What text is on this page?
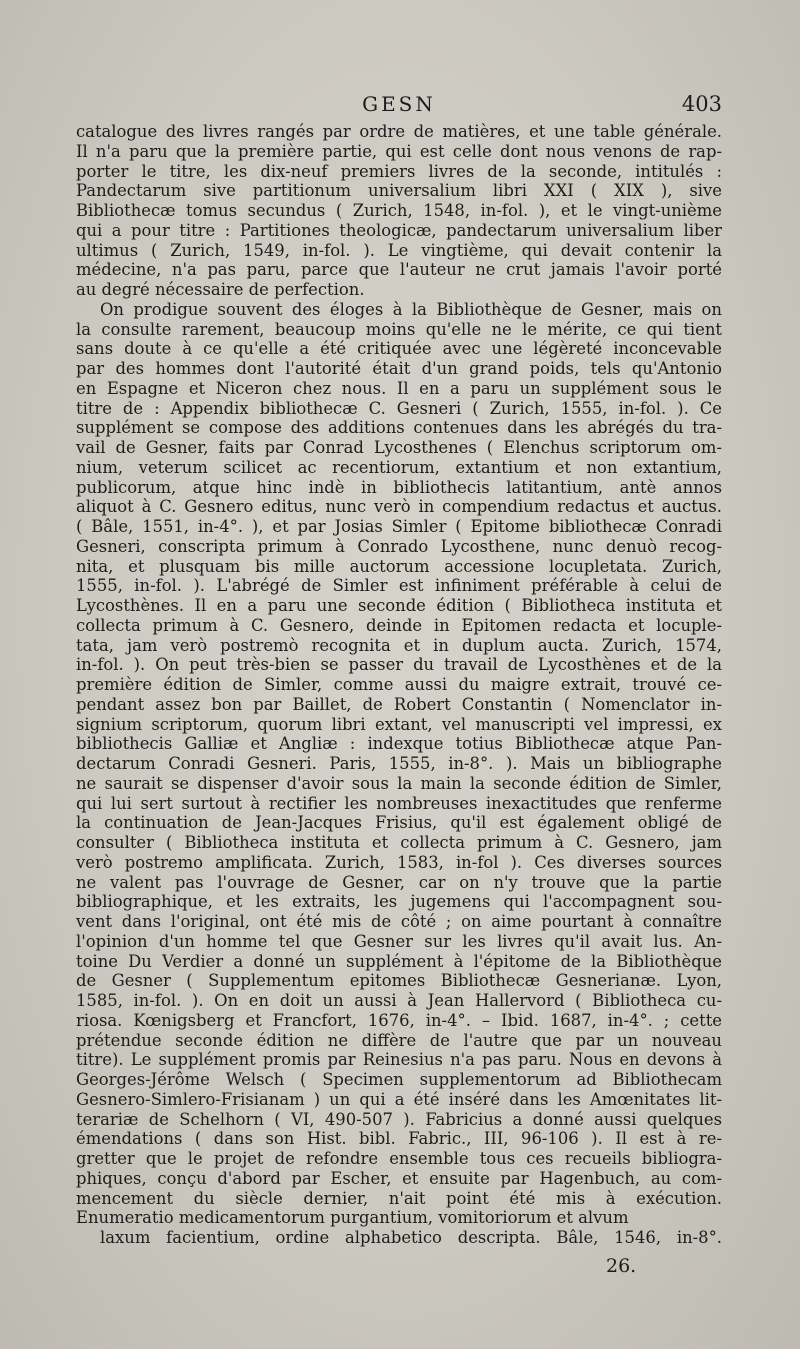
GESN	403
catalogue des livres rangés par ordre de matières, et une table générale.
Il n'a paru que la première partie, qui est celle dont nous venons de rap-
porter le titre, les dix-neuf premiers livres de la seconde, intitulés :
Pandectarum sive partitionum universalium libri XXI ( XIX ), sive
Bibliothecæ tomus secundus ( Zurich, 1548, in-fol. ), et le vingt-unième
qui a pour titre : Partitiones theologicæ, pandectarum universalium liber
ultimus ( Zurich, 1549, in-fol. ). Le vingtième, qui devait contenir la
médecine, n'a pas paru, parce que l'auteur ne crut jamais l'avoir porté
au degré nécessaire de perfection.
On prodigue souvent des éloges à la Bibliothèque de Gesner, mais on
la consulte rarement, beaucoup moins qu'elle ne le mérite, ce qui tient
sans doute à ce qu'elle a été critiquée avec une légèreté inconcevable
par des hommes dont l'autorité était d'un grand poids, tels qu'Antonio
en Espagne et Niceron chez nous. Il en a paru un supplément sous le
titre de : Appendix bibliothecæ C. Gesneri ( Zurich, 1555, in-fol. ). Ce
supplément se compose des additions contenues dans les abrégés du tra-
vail de Gesner, faits par Conrad Lycosthenes ( Elenchus scriptorum om-
nium, veterum scilicet ac recentiorum, extantium et non extantium,
publicorum, atque hinc indè in bibliothecis latitantium, antè annos
aliquot à C. Gesnero editus, nunc verò in compendium redactus et auctus.
( Bâle, 1551, in-4°. ), et par Josias Simler ( Epitome bibliothecæ Conradi
Gesneri, conscripta primum à Conrado Lycosthene, nunc denuò recog-
nita, et plusquam bis mille auctorum accessione locupletata. Zurich,
1555, in-fol. ). L'abrégé de Simler est infiniment préférable à celui de
Lycosthènes. Il en a paru une seconde édition ( Bibliotheca instituta et
collecta primum à C. Gesnero, deinde in Epitomen redacta et locuple-
tata, jam verò postremò recognita et in duplum aucta. Zurich, 1574,
in-fol. ). On peut très-bien se passer du travail de Lycosthènes et de la
première édition de Simler, comme aussi du maigre extrait, trouvé ce-
pendant assez bon par Baillet, de Robert Constantin ( Nomenclator in-
signium scriptorum, quorum libri extant, vel manuscripti vel impressi, ex
bibliothecis Galliæ et Angliæ : indexque totius Bibliothecæ atque Pan-
dectarum Conradi Gesneri. Paris, 1555, in-8°. ). Mais un bibliographe
ne saurait se dispenser d'avoir sous la main la seconde édition de Simler,
qui lui sert surtout à rectifier les nombreuses inexactitudes que renferme
la continuation de Jean-Jacques Frisius, qu'il est également obligé de
consulter ( Bibliotheca instituta et collecta primum à C. Gesnero, jam
verò postremo amplificata. Zurich, 1583, in-fol ). Ces diverses sources
ne valent pas l'ouvrage de Gesner, car on n'y trouve que la partie
bibliographique, et les extraits, les jugemens qui l'accompagnent sou-
vent dans l'original, ont été mis de côté ; on aime pourtant à connaître
l'opinion d'un homme tel que Gesner sur les livres qu'il avait lus. An-
toine Du Verdier a donné un supplément à l'épitome de la Bibliothèque
de Gesner ( Supplementum epitomes Bibliothecæ Gesnerianæ. Lyon,
1585, in-fol. ). On en doit un aussi à Jean Hallervord ( Bibliotheca cu-
riosa. Kœnigsberg et Francfort, 1676, in-4°. – Ibid. 1687, in-4°. ; cette
prétendue seconde édition ne diffère de l'autre que par un nouveau
titre). Le supplément promis par Reinesius n'a pas paru. Nous en devons à
Georges-Jérôme Welsch ( Specimen supplementorum ad Bibliothecam
Gesnero-Simlero-Frisianam ) un qui a été inséré dans les Amœnitates lit-
terariæ de Schelhorn ( VI, 490-507 ). Fabricius a donné aussi quelques
émendations ( dans son Hist. bibl. Fabric., III, 96-106 ). Il est à re-
gretter que le projet de refondre ensemble tous ces recueils bibliogra-
phiques, conçu d'abord par Escher, et ensuite par Hagenbuch, au com-
mencement du siècle dernier, n'ait point été mis à exécution.
Enumeratio medicamentorum purgantium, vomitoriorum et alvum
laxum facientium, ordine alphabetico descripta. Bâle, 1546, in-8°.
26.
